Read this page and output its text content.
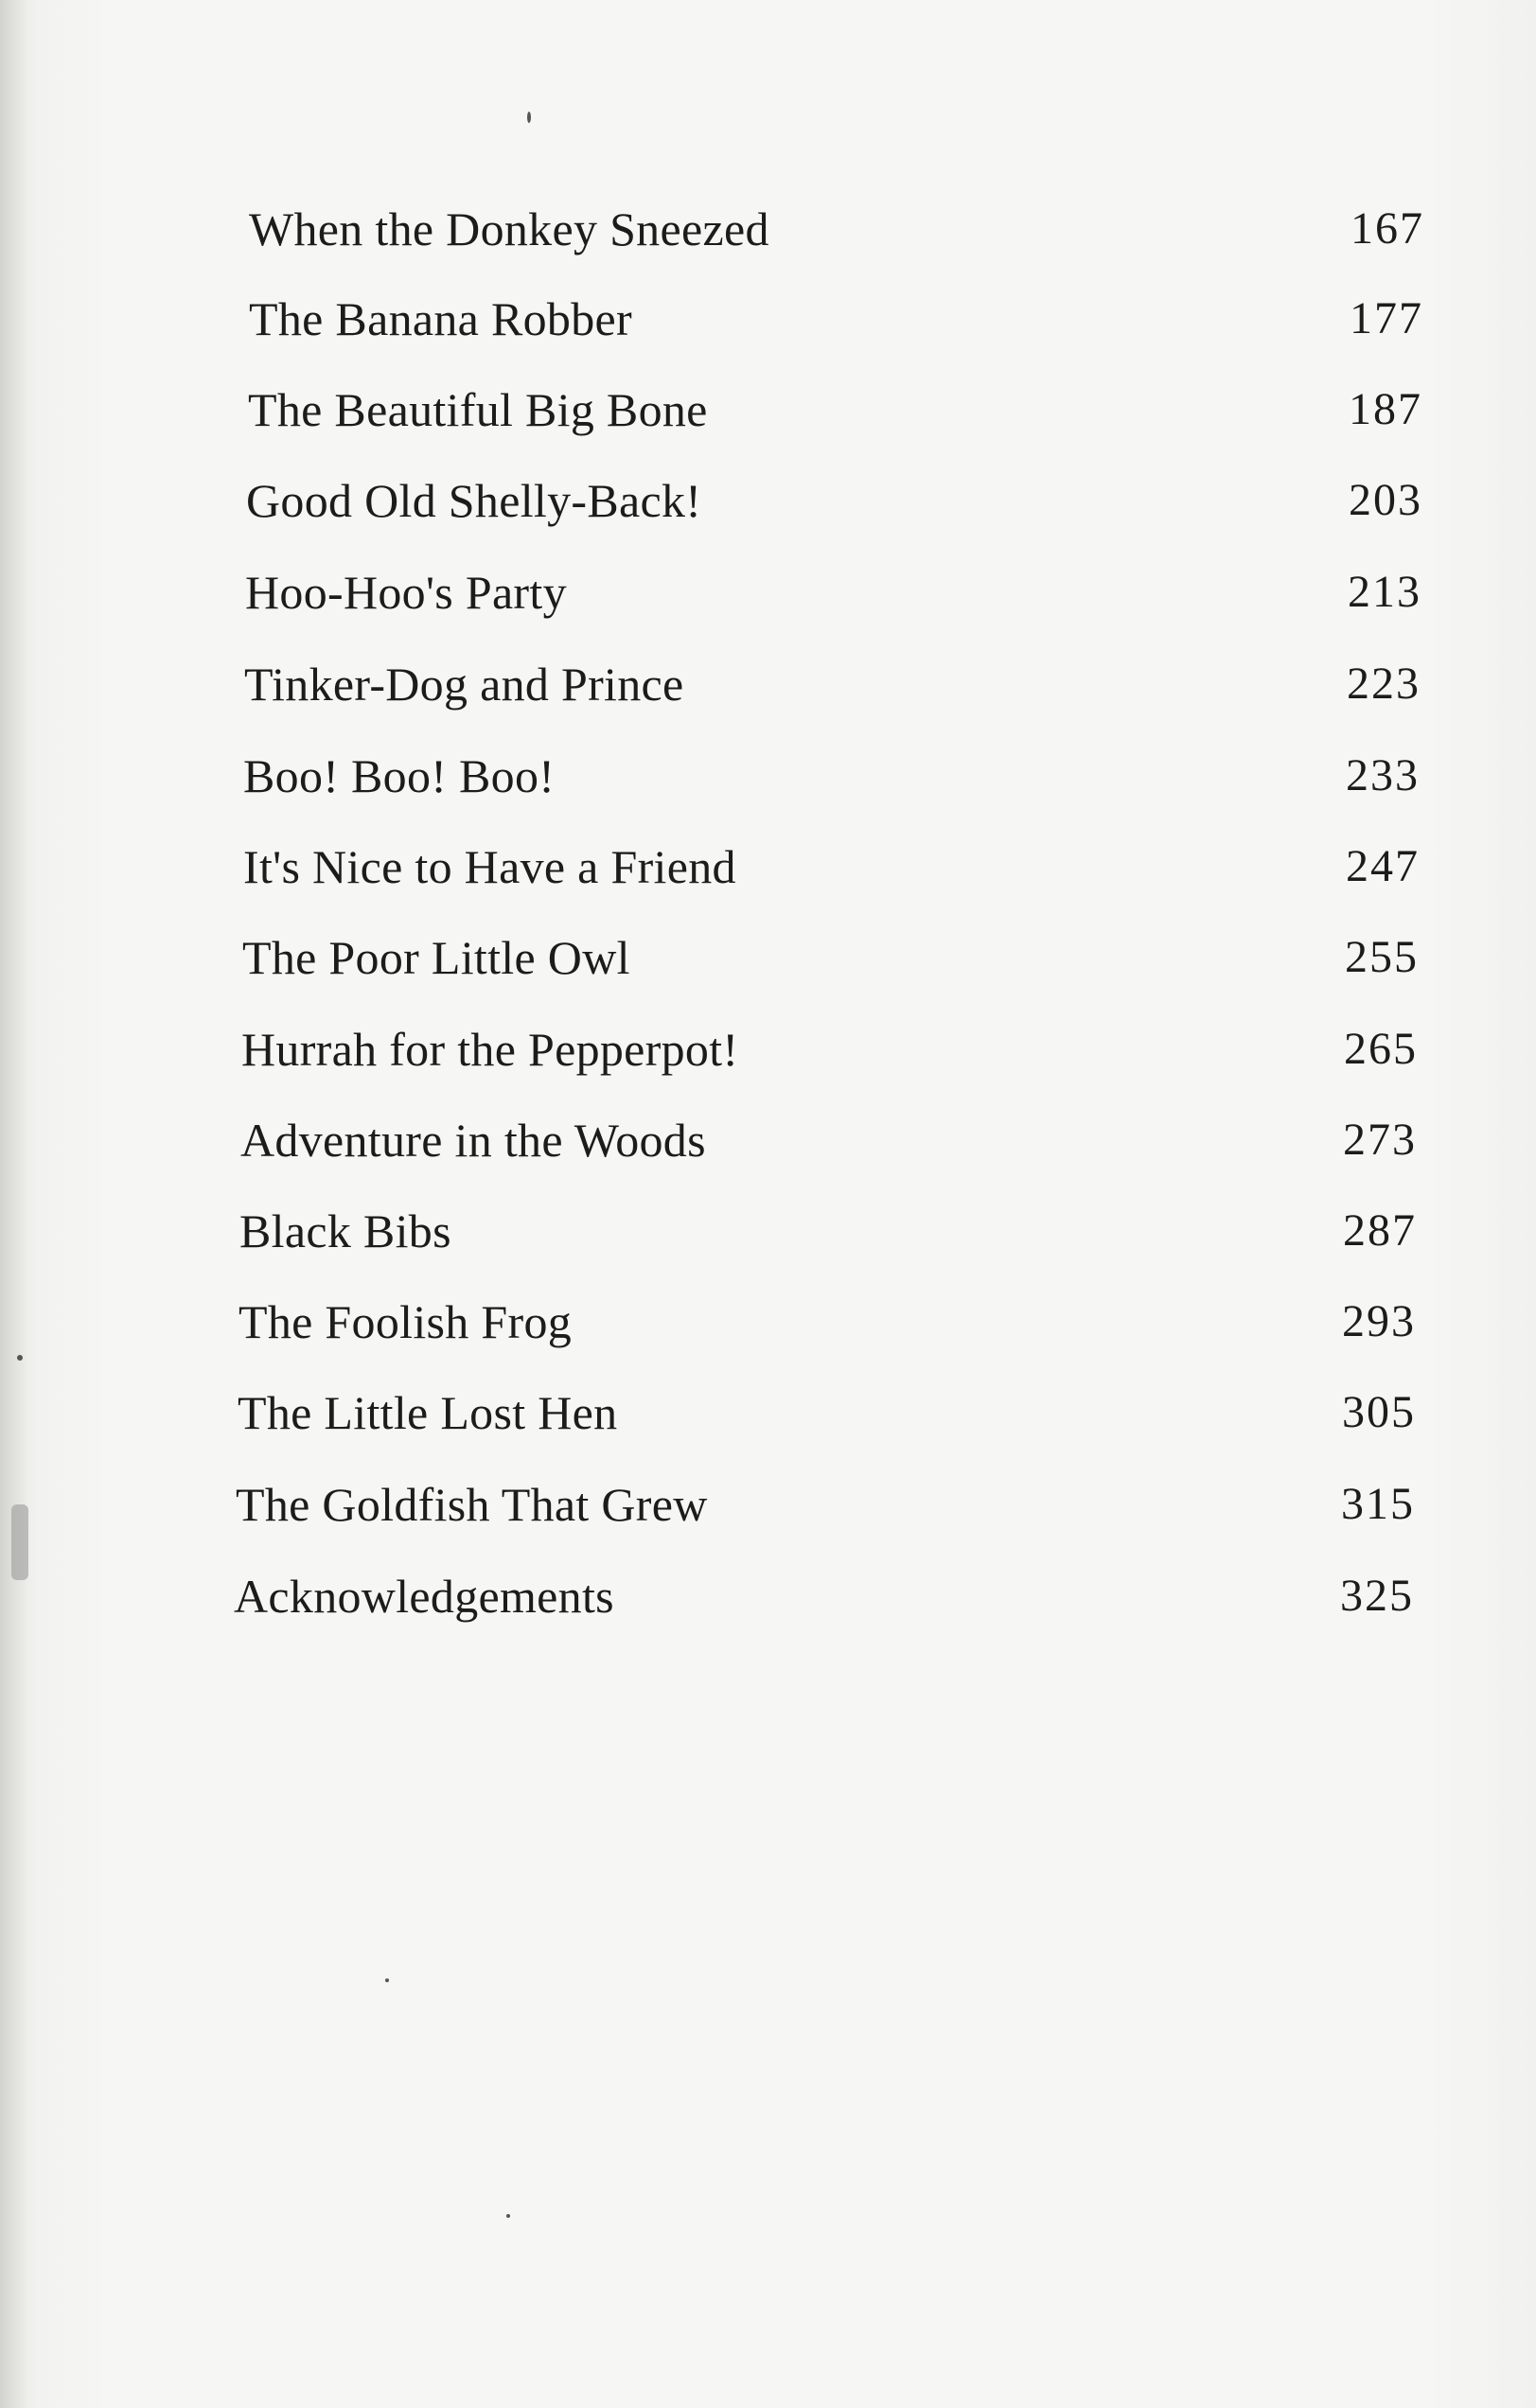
When the Donkey Sneezed	167
The Banana Robber	177
The Beautiful Big Bone	187
Good Old Shelly-Back!	203
Hoo-Hoo's Party	213
Tinker-Dog and Prince	223
Boo! Boo! Boo!	233
It's Nice to Have a Friend	247
The Poor Little Owl	255
Hurrah for the Pepperpot!	265
Adventure in the Woods	273
Black Bibs	287
The Foolish Frog	293
The Little Lost Hen	305
The Goldfish That Grew	315
Acknowledgements	325
